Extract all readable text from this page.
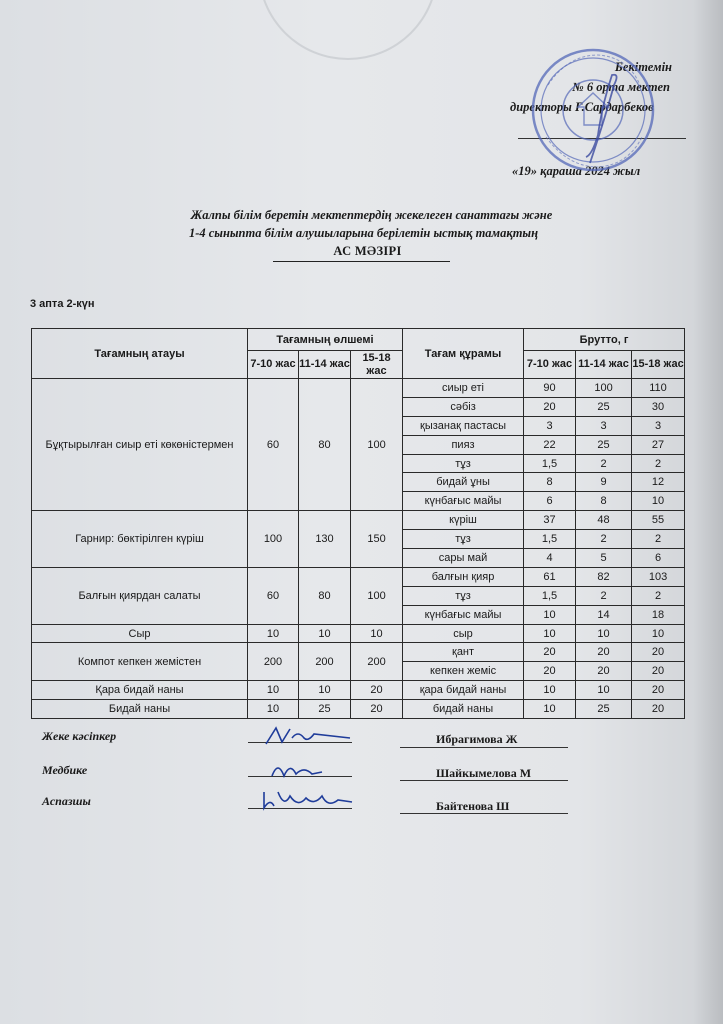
Бекітемін
№ 6 орта мектеп
директоры Г.Сардарбеков
«19» қараша 2024 жыл
Жалпы білім беретін мектептердің жекелеген санаттағы және
1-4 сыныпта білім алушыларына берілетін ыстық тамақтың
АС МӘЗІРІ
3 апта 2-күн
Тағамның атауы	Тағамның өлшемі			Тағам құрамы	Брутто, г		
	7-10 жас	11-14 жас	15-18 жас		7-10 жас	11-14 жас	15-18 жас
Бұқтырылған сиыр еті көкөністермен	60	80	100	сиыр еті	90	100	110
				сәбіз	20	25	30
				қызанақ пастасы	3	3	3
				пияз	22	25	27
				тұз	1,5	2	2
				бидай ұны	8	9	12
				күнбағыс майы	6	8	10
Гарнир: бөктірілген күріш	100	130	150	күріш	37	48	55
				тұз	1,5	2	2
				сары май	4	5	6
Балғын қиярдан салаты	60	80	100	балғын қияр	61	82	103
				тұз	1,5	2	2
				күнбағыс майы	10	14	18
Сыр	10	10	10	сыр	10	10	10
Компот кепкен жемістен	200	200	200	қант	20	20	20
				кепкен жеміс	20	20	20
Қара бидай наны	10	10	20	қара бидай наны	10	10	20
Бидай наны	10	25	20	бидай наны	10	25	20
Жеке кәсіпкер
Медбике
Аспазшы
Ибрагимова Ж
Шайкымелова М
Байтенова Ш
